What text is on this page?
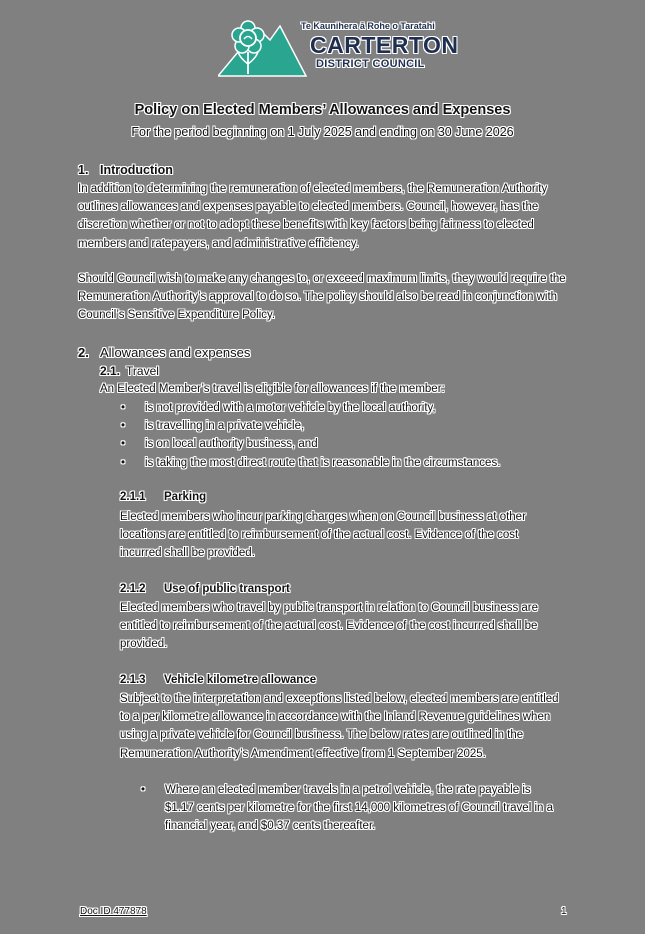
Te Kaunihera ā Rohe o Taratahi
CARTERTON
DISTRICT COUNCIL
Policy on Elected Members’ Allowances and Expenses
For the period beginning on 1 July 2025 and ending on 30 June 2026
1. Introduction

In addition to determining the remuneration of elected members, the Remuneration Authority outlines allowances and expenses payable to elected members. Council, however, has the discretion whether or not to adopt these benefits with key factors being fairness to elected members and ratepayers, and administrative efficiency.

Should Council wish to make any changes to, or exceed maximum limits, they would require the Remuneration Authority’s approval to do so. The policy should also be read in conjunction with Council’s Sensitive Expenditure Policy.

2. Allowances and expenses
2.1. Travel

An Elected Member’s travel is eligible for allowances if the member:

• is not provided with a motor vehicle by the local authority,
• is travelling in a private vehicle,
• is on local authority business, and
• is taking the most direct route that is reasonable in the circumstances.
2.1.1 Parking

Elected members who incur parking charges when on Council business at other locations are entitled to reimbursement of the actual cost. Evidence of the cost incurred shall be provided.

2.1.2 Use of public transport

Elected members who travel by public transport in relation to Council business are entitled to reimbursement of the actual cost. Evidence of the cost incurred shall be provided.

2.1.3 Vehicle kilometre allowance

Subject to the interpretation and exceptions listed below, elected members are entitled to a per kilometre allowance in accordance with the Inland Revenue guidelines when using a private vehicle for Council business. The below rates are outlined in the Remuneration Authority’s Amendment effective from 1 September 2025.

• Where an elected member travels in a petrol vehicle, the rate payable is $1.17 cents per kilometre for the first 14,000 kilometres of Council travel in a financial year, and $0.37 cents thereafter.
Doc ID 477878	1
